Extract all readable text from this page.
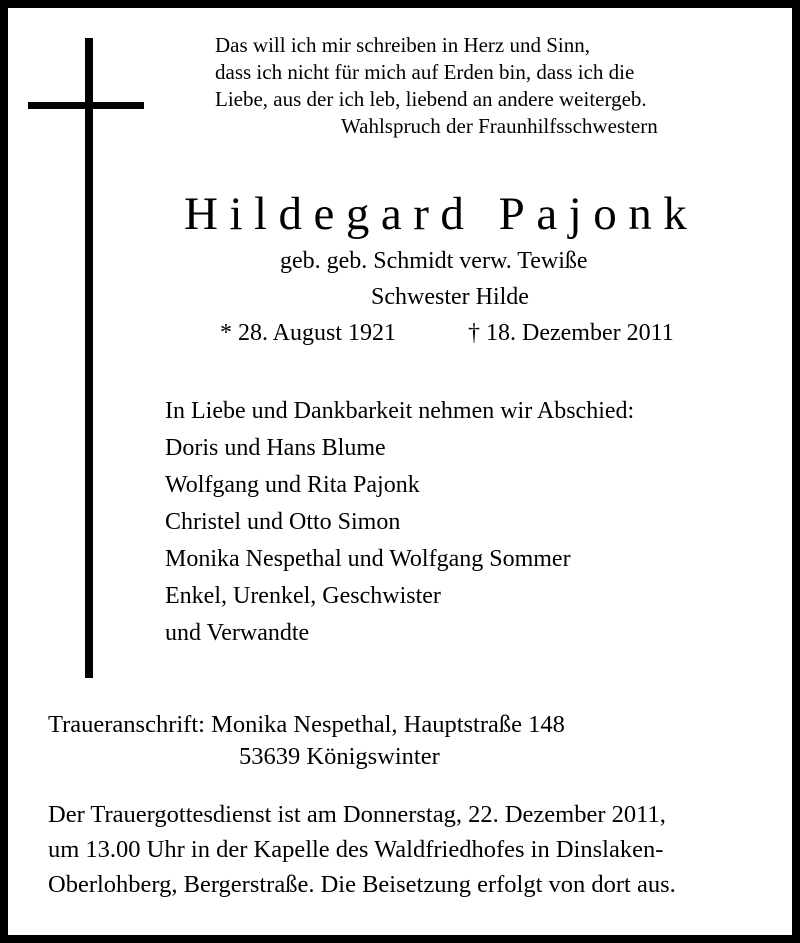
Das will ich mir schreiben in Herz und Sinn,

dass ich nicht für mich auf Erden bin, dass ich die

Liebe, aus der ich leb, liebend an andere weitergeb.

Wahlspruch der Fraunhilfsschwestern

Hildegard Pajonk

geb. geb. Schmidt verw. Tewiße

Schwester Hilde

* 28. August 1921	† 18. Dezember 2011

In Liebe und Dankbarkeit nehmen wir Abschied:

Doris und Hans Blume

Wolfgang und Rita Pajonk

Christel und Otto Simon

Monika Nespethal und Wolfgang Sommer

Enkel, Urenkel, Geschwister

und Verwandte

Traueranschrift: Monika Nespethal, Hauptstraße 148

53639 Königswinter

Der Trauergottesdienst ist am Donnerstag, 22. Dezember 2011,

um 13.00 Uhr in der Kapelle des Waldfriedhofes in Dinslaken-

Oberlohberg, Bergerstraße. Die Beisetzung erfolgt von dort aus.
